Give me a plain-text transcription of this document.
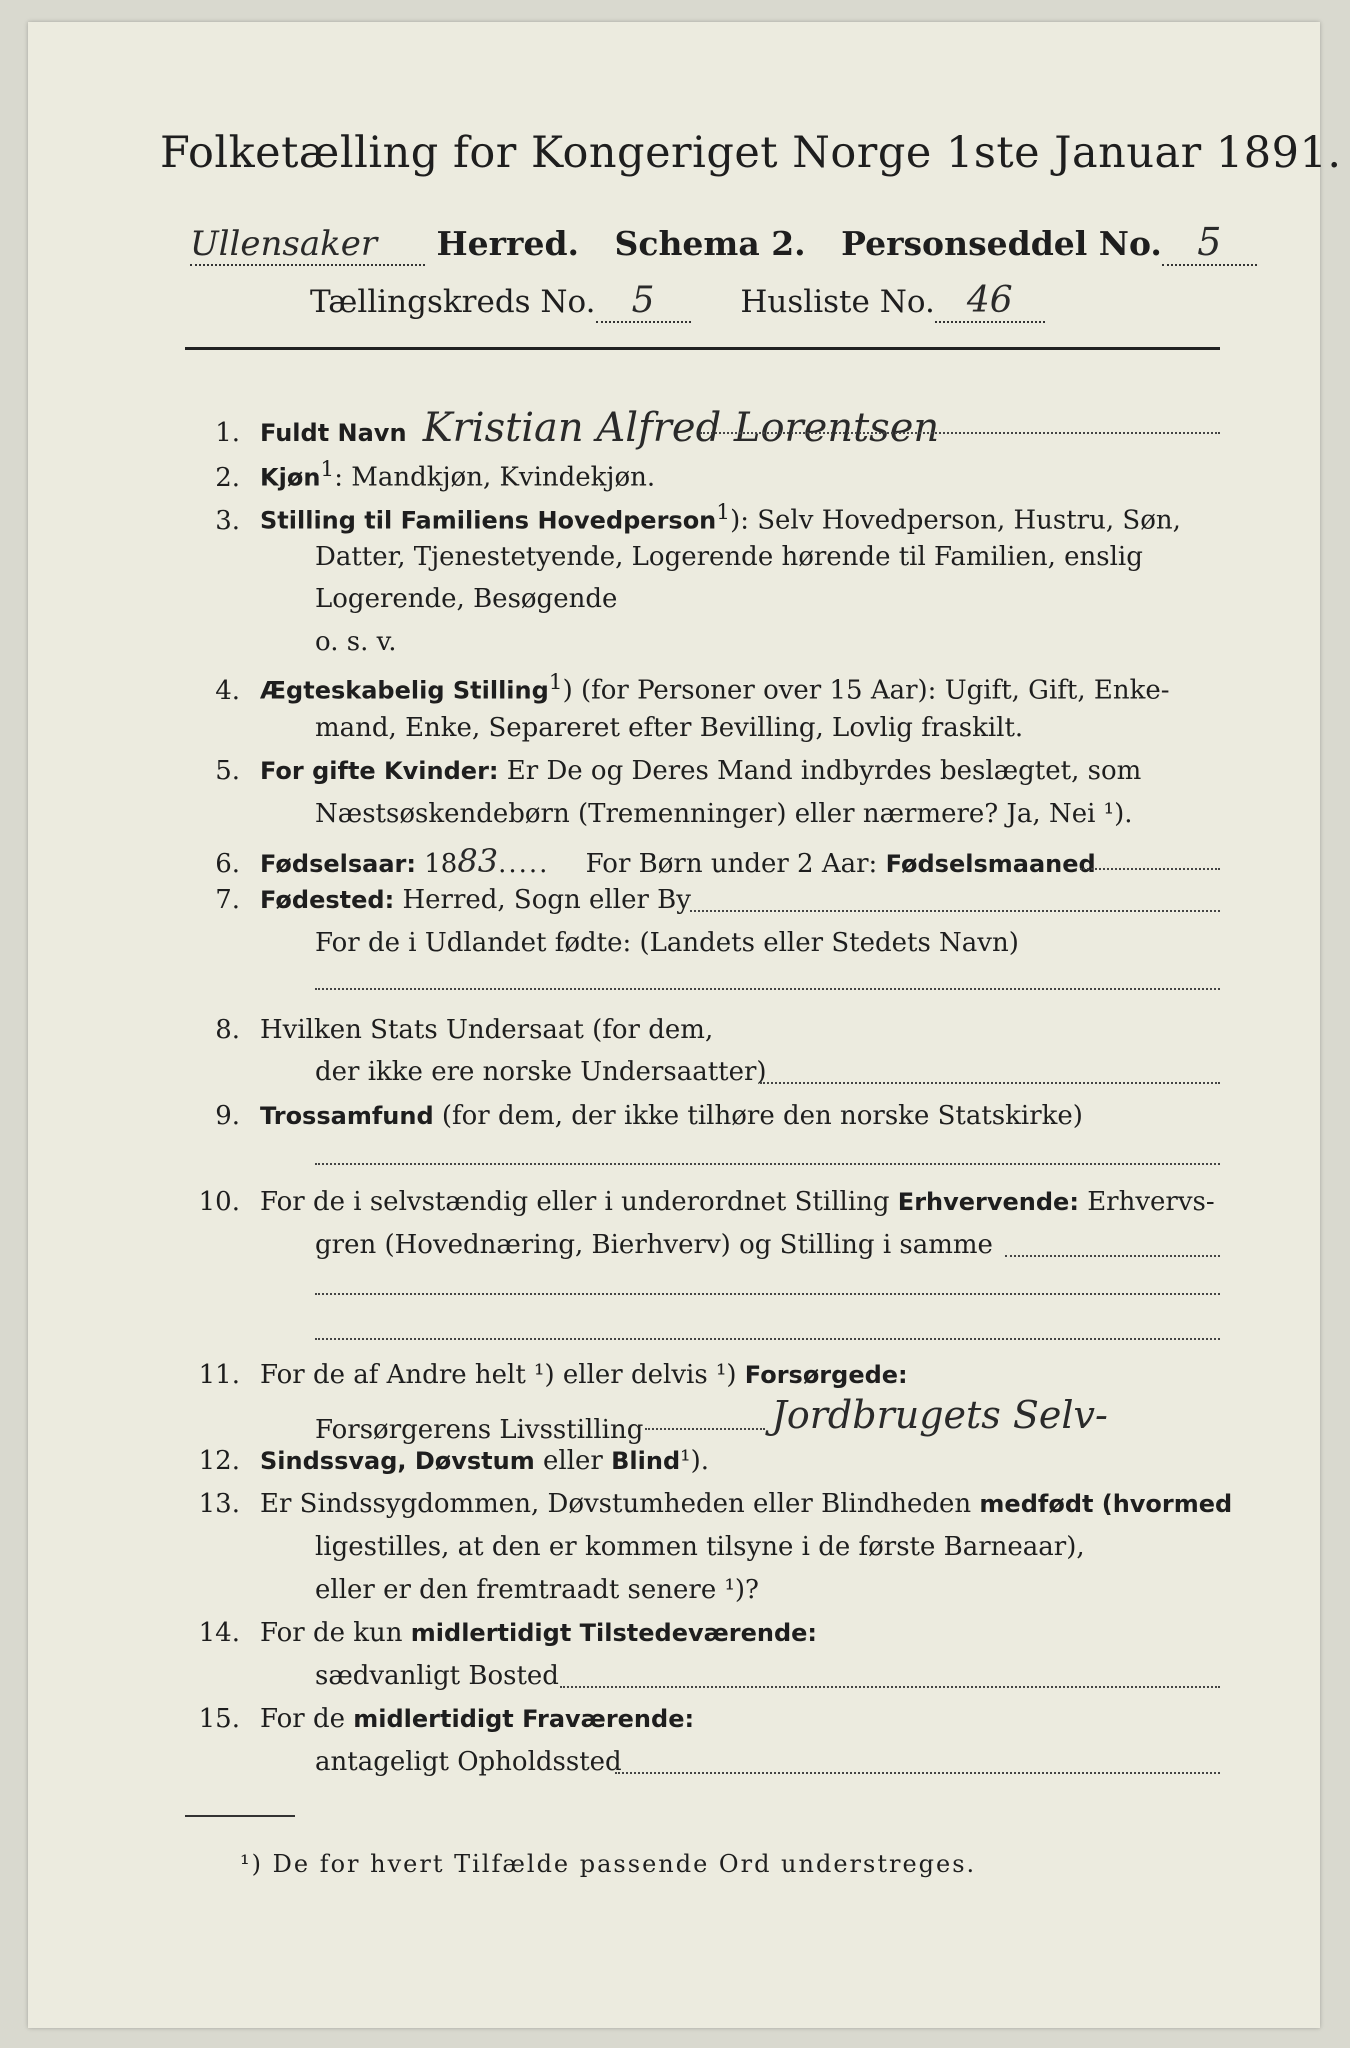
Folketælling for Kongeriget Norge 1ste Januar 1891.
Ullensaker Herred. Schema 2. Personseddel No. 5
Tællingskreds No. 5	Husliste No. 46
1. Fuldt Navn Kristian Alfred Lorentsen
2. Kjøn$^1$: Mandkjøn, Kvindekjøn.
3. Stilling til Familiens Hovedperson$^1$): Selv Hovedperson, Hustru, Søn,
Datter, Tjenestetyende, Logerende hørende til Familien, enslig
Logerende, Besøgende
o. s. v.
4. Ægteskabelig Stilling$^1$) (for Personer over 15 Aar): Ugift, Gift, Enke-
mand, Enke, Separeret efter Bevilling, Lovlig fraskilt.
5. For gifte Kvinder: Er De og Deres Mand indbyrdes beslægtet, som
Næstsøskendebørn (Tremenninger) eller nærmere? Ja, Nei ¹).
6. Fødselsaar: 1883..... For Børn under 2 Aar: Fødselsmaaned
7. Fødested: Herred, Sogn eller By
For de i Udlandet fødte: (Landets eller Stedets Navn)
8. Hvilken Stats Undersaat (for dem,
der ikke ere norske Undersaatter)
9. Trossamfund (for dem, der ikke tilhøre den norske Statskirke)
10. For de i selvstændig eller i underordnet Stilling Erhvervende: Erhvervs-
gren (Hovednæring, Bierhverv) og Stilling i samme
11. For de af Andre helt ¹) eller delvis ¹) Forsørgede:
Forsørgerens Livsstilling	Jordbrugets Selv-
12. Sindssvag, Døvstum eller Blind¹).
13. Er Sindssygdommen, Døvstumheden eller Blindheden medfødt (hvormed
ligestilles, at den er kommen tilsyne i de første Barneaar),
eller er den fremtraadt senere ¹)?
14. For de kun midlertidigt Tilstedeværende:
sædvanligt Bosted
15. For de midlertidigt Fraværende:
antageligt Opholdssted
¹) De for hvert Tilfælde passende Ord understreges.
